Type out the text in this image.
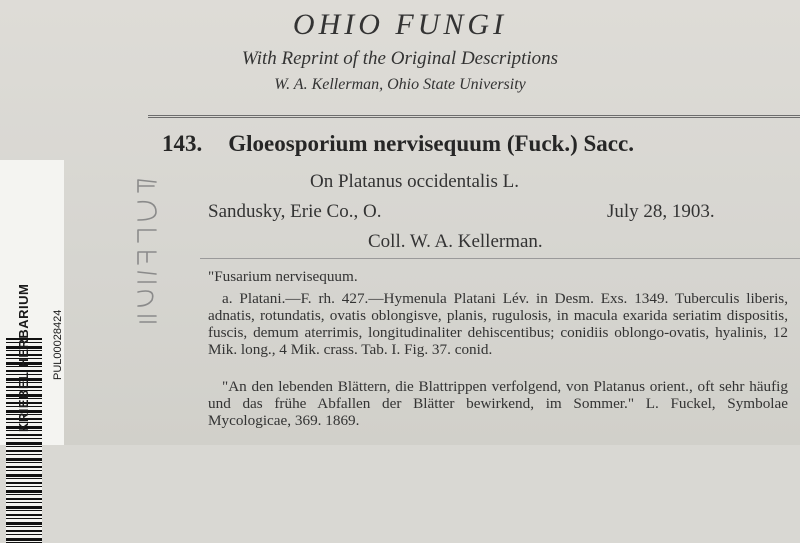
OHIO FUNGI
With Reprint of the Original Descriptions
W. A. Kellerman, Ohio State University
143. Gloeosporium nervisequum (Fuck.) Sacc.
On Platanus occidentalis L.
Sandusky, Erie Co., O.	July 28, 1903.
Coll. W. A. Kellerman.
"Fusarium nervisequum.
a. Platani.—F. rh. 427.—Hymenula Platani Lév. in Desm. Exs. 1349. Tuberculis liberis, adnatis, rotundatis, ovatis oblongisve, planis, rugulosis, in macula exarida seriatim dispositis, fuscis, demum aterrimis, longitudinaliter dehiscentibus; conidiis oblongo-ovatis, hyalinis, 12 Mik. long., 4 Mik. crass. Tab. I. Fig. 37. conid.
"An den lebenden Blättern, die Blattrippen verfolgend, von Platanus orient., oft sehr häufig und das frühe Abfallen der Blätter bewirkend, im Sommer." L. Fuckel, Symbolae Mycologicae, 369. 1869.
KRIEBEL HERBARIUM PUL00028424
